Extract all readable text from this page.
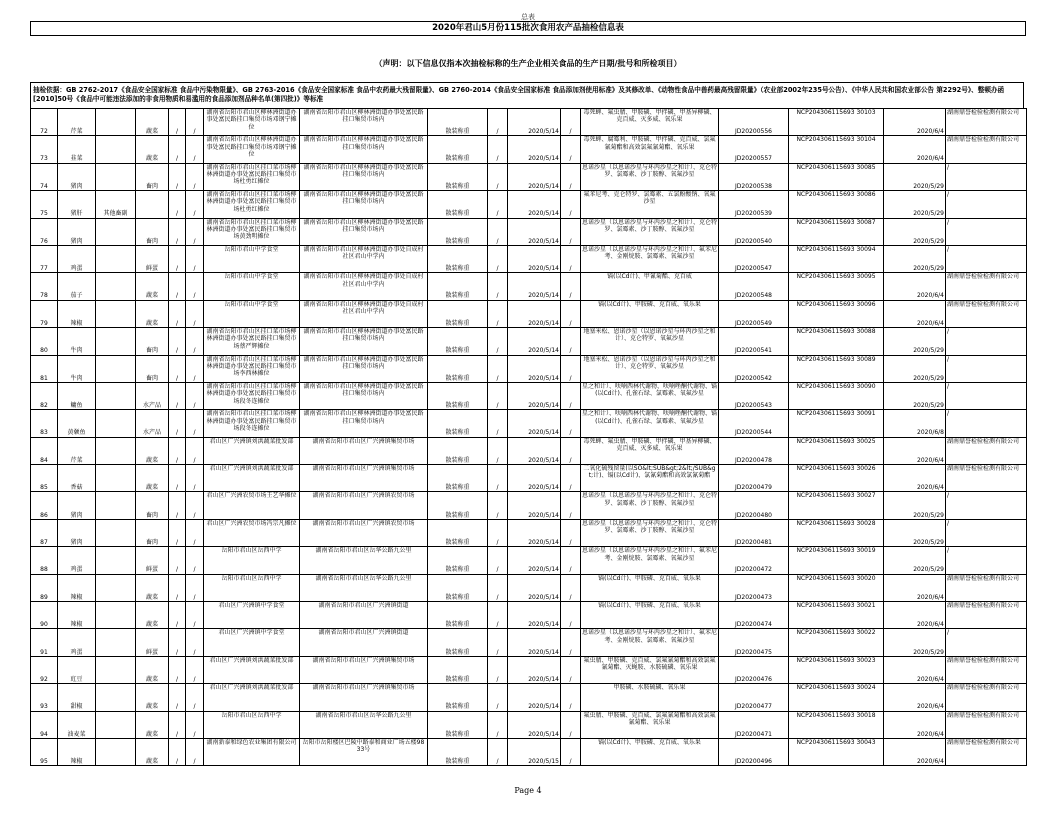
总表
2020年君山5月份115批次食用农产品抽检信息表
（声明：以下信息仅指本次抽检标称的生产企业相关食品的生产日期/批号和所检项目）
抽检依据：GB 2762-2017《食品安全国家标准 食品中污染物限量》、GB 2763-2016《食品安全国家标准 食品中农药最大残留限量》、GB 2760-2014《食品安全国家标准 食品添加剂使用标准》及其修改单、《动物性食品中兽药最高残留限量》（农业部2002年235号公告）、《中华人民共和国农业部公告 第2292号》、整顿办函[2010]50号《食品中可能违法添加的非食用物质和易滥用的食品添加剂品种名单(第四批)》等标准
72	芹菜		蔬菜	/	/	湖南省岳阳市君山区柳林洲街道办事处富民路挂口集贸市场邓钢宁摊位	湖南省岳阳市君山区柳林洲街道办事处富民路挂口集贸市场内	散装称重	/	2020/5/14	/	毒死蜱、氟虫腈、甲胺磷、甲拌磷、甲基异柳磷、克百威、灭多威、氧乐果	JD20200556	NCP204306115693 30103	2020/6/4	湖南鼎誉检验检测有限公司
73	韭菜		蔬菜	/	/	湖南省岳阳市君山区柳林洲街道办事处富民路挂口集贸市场邓钢宁摊位	湖南省岳阳市君山区柳林洲街道办事处富民路挂口集贸市场内	散装称重	/	2020/5/14	/	毒死蜱、腐霉利、甲胺磷、甲拌磷、克百威、氯氟氰菊酯和高效氯氟氰菊酯、氧乐果	JD20200557	NCP204306115693 30104	2020/6/4	湖南鼎誉检验检测有限公司
74	猪肉		畜肉	/	/	湖南省岳阳市君山区挂口菜市场柳林洲街道办事处富民路挂口集贸市场杜勇红摊位	湖南省岳阳市君山区柳林洲街道办事处富民路挂口集贸市场内	散装称重	/	2020/5/14	/	恩诺沙星（以恩诺沙星与环丙沙星之和计）、克仑特罗、氯霉素、沙丁胺醇、氧氟沙星	JD20200538	NCP204306115693 30085	2020/5/29	/
75	猪肝	其他畜副		/	/	湖南省岳阳市君山区挂口菜市场柳林洲街道办事处富民路挂口集贸市场杜勇红摊位	湖南省岳阳市君山区柳林洲街道办事处富民路挂口集贸市场内	散装称重	/	2020/5/14	/	氟苯尼考、克仑特罗、氯霉素、五氯酚酸钠、氧氟沙星	JD20200539	NCP204306115693 30086	2020/5/29	/
76	猪肉		畜肉	/	/	湖南省岳阳市君山区挂口菜市场柳林洲街道办事处富民路挂口集贸市场黄劲明摊位	湖南省岳阳市君山区柳林洲街道办事处富民路挂口集贸市场内	散装称重	/	2020/5/14	/	恩诺沙星（以恩诺沙星与环丙沙星之和计）、克仑特罗、氯霉素、沙丁胺醇、氧氟沙星	JD20200540	NCP204306115693 30087	2020/5/29	/
77	鸡蛋		鲜蛋	/	/	岳阳市君山中学食堂	湖南省岳阳市君山区柳林洲街道办事处自成村社区君山中学内	散装称重	/	2020/5/14	/	恩诺沙星（以恩诺沙星与环丙沙星之和计）、氟苯尼考、金刚烷胺、氯霉素、氧氟沙星	JD20200547	NCP204306115693 30094	2020/5/29	/
78	茄子		蔬菜	/	/	岳阳市君山中学食堂	湖南省岳阳市君山区柳林洲街道办事处自成村社区君山中学内	散装称重	/	2020/5/14	/	镉(以Cd计)、甲氰菊酯、克百威	JD20200548	NCP204306115693 30095	2020/6/4	湖南鼎誉检验检测有限公司
79	辣椒		蔬菜	/	/	岳阳市君山中学食堂	湖南省岳阳市君山区柳林洲街道办事处自成村社区君山中学内	散装称重	/	2020/5/14	/	镉(以Cd计)、甲胺磷、克百威、氧乐果	JD20200549	NCP204306115693 30096	2020/6/4	湖南鼎誉检验检测有限公司
80	牛肉		畜肉	/	/	湖南省岳阳市君山区挂口菜市场柳林洲街道办事处富民路挂口集贸市场蔡严辉摊位	湖南省岳阳市君山区柳林洲街道办事处富民路挂口集贸市场内	散装称重	/	2020/5/14	/	地塞米松、恩诺沙星（以恩诺沙星与环丙沙星之和计）、克仑特罗、氧氟沙星	JD20200541	NCP204306115693 30088	2020/5/29	/
81	牛肉		畜肉	/	/	湖南省岳阳市君山区挂口菜市场柳林洲街道办事处富民路挂口集贸市场李西林摊位	湖南省岳阳市君山区柳林洲街道办事处富民路挂口集贸市场内	散装称重	/	2020/5/14	/	地塞米松、恩诺沙星（以恩诺沙星与环丙沙星之和计）、克仑特罗、氧氟沙星	JD20200542	NCP204306115693 30089	2020/5/29	/
82	鳙鱼		水产品	/	/	湖南省岳阳市君山区挂口菜市场柳林洲街道办事处富民路挂口集贸市场段冬连摊位	湖南省岳阳市君山区柳林洲街道办事处富民路挂口集贸市场内	散装称重	/	2020/5/14	/	星之和计）、呋喃西林代谢物、呋喃唑酮代谢物、镉(以Cd计)、孔雀石绿、氯霉素、氧氟沙星	JD20200543	NCP204306115693 30090	2020/5/29	/
83	黄颡鱼		水产品	/	/	湖南省岳阳市君山区挂口菜市场柳林洲街道办事处富民路挂口集贸市场段冬连摊位	湖南省岳阳市君山区柳林洲街道办事处富民路挂口集贸市场内	散装称重	/	2020/5/14	/	星之和计）、呋喃西林代谢物、呋喃唑酮代谢物、镉(以Cd计)、孔雀石绿、氯霉素、氧氟沙星	JD20200544	NCP204306115693 30091	2020/6/8	/
84	芹菜		蔬菜	/	/	君山区广兴洲镇刘洪蔬菜批发部	湖南省岳阳市君山区广兴洲镇集贸市场	散装称重	/	2020/5/14	/	毒死蜱、氟虫腈、甲胺磷、甲拌磷、甲基异柳磷、克百威、灭多威、氧乐果	JD20200478	NCP204306115693 30025	2020/6/4	湖南鼎誉检验检测有限公司
85	香菇		蔬菜	/	/	君山区广兴洲镇刘洪蔬菜批发部	湖南省岳阳市君山区广兴洲镇集贸市场	散装称重	/	2020/5/14	/	二氧化硫残留量(以SO&lt;SUB&gt;2&lt;/SUB&gt;计)、镉(以Cd计)、氯氰菊酯和高效氯氰菊酯	JD20200479	NCP204306115693 30026	2020/6/4	湖南鼎誉检验检测有限公司
86	猪肉		畜肉	/	/	君山区广兴洲农贸市场王艺华摊位	湖南省岳阳市君山区广兴洲镇农贸市场	散装称重	/	2020/5/14	/	恩诺沙星（以恩诺沙星与环丙沙星之和计）、克仑特罗、氯霉素、沙丁胺醇、氧氟沙星	JD20200480	NCP204306115693 30027	2020/5/29	/
87	猪肉		畜肉	/	/	君山区广兴洲农贸市场冯宗凡摊位	湖南省岳阳市君山区广兴洲镇农贸市场	散装称重	/	2020/5/14	/	恩诺沙星（以恩诺沙星与环丙沙星之和计）、克仑特罗、氯霉素、沙丁胺醇、氧氟沙星	JD20200481	NCP204306115693 30028	2020/5/29	/
88	鸡蛋		鲜蛋	/	/	岳阳市君山区岳西中学	湖南省岳阳市君山区岳华公路九公里	散装称重	/	2020/5/14	/	恩诺沙星（以恩诺沙星与环丙沙星之和计）、氟苯尼考、金刚烷胺、氯霉素、氧氟沙星	JD20200472	NCP204306115693 30019	2020/5/29	/
89	辣椒		蔬菜	/	/	岳阳市君山区岳西中学	湖南省岳阳市君山区岳华公路九公里	散装称重	/	2020/5/14	/	镉(以Cd计)、甲胺磷、克百威、氧乐果	JD20200473	NCP204306115693 30020	2020/6/4	湖南鼎誉检验检测有限公司
90	辣椒		蔬菜	/	/	君山区广兴洲镇中学食堂	湖南省岳阳市君山区广兴洲镇街道	散装称重	/	2020/5/14	/	镉(以Cd计)、甲胺磷、克百威、氧乐果	JD20200474	NCP204306115693 30021	2020/6/4	湖南鼎誉检验检测有限公司
91	鸡蛋		鲜蛋	/	/	君山区广兴洲镇中学食堂	湖南省岳阳市君山区广兴洲镇街道	散装称重	/	2020/5/14	/	恩诺沙星（以恩诺沙星与环丙沙星之和计）、氟苯尼考、金刚烷胺、氯霉素、氧氟沙星	JD20200475	NCP204306115693 30022	2020/5/29	/
92	豇豆		蔬菜	/	/	君山区广兴洲镇刘洪蔬菜批发部	湖南省岳阳市君山区广兴洲镇集贸市场	散装称重	/	2020/5/14	/	氟虫腈、甲胺磷、克百威、氯氟氰菊酯和高效氯氟氰菊酯、灭蝇胺、水胺硫磷、氧乐果	JD20200476	NCP204306115693 30023	2020/6/4	湖南鼎誉检验检测有限公司
93	甜椒		蔬菜	/	/	君山区广兴洲镇刘洪蔬菜批发部	湖南省岳阳市君山区广兴洲镇集贸市场	散装称重	/	2020/5/14	/	甲胺磷、水胺硫磷、氧乐果	JD20200477	NCP204306115693 30024	2020/6/4	湖南鼎誉检验检测有限公司
94	油麦菜		蔬菜	/	/	岳阳市君山区岳西中学	湖南省岳阳市君山区岳华公路九公里	散装称重	/	2020/5/14	/	氟虫腈、甲胺磷、克百威、氯氟氰菊酯和高效氯氟氰菊酯、氧乐果	JD20200471	NCP204306115693 30018	2020/6/4	湖南鼎誉检验检测有限公司
95	辣椒		蔬菜	/	/	湖南新泰和绿色农业集团有限公司	岳阳市岳阳楼区巴陵中路泰和商业广场五楼9833号	散装称重	/	2020/5/15	/	镉(以Cd计)、甲胺磷、克百威、氧乐果	JD20200496	NCP204306115693 30043	2020/6/4	湖南鼎誉检验检测有限公司
Page 4
